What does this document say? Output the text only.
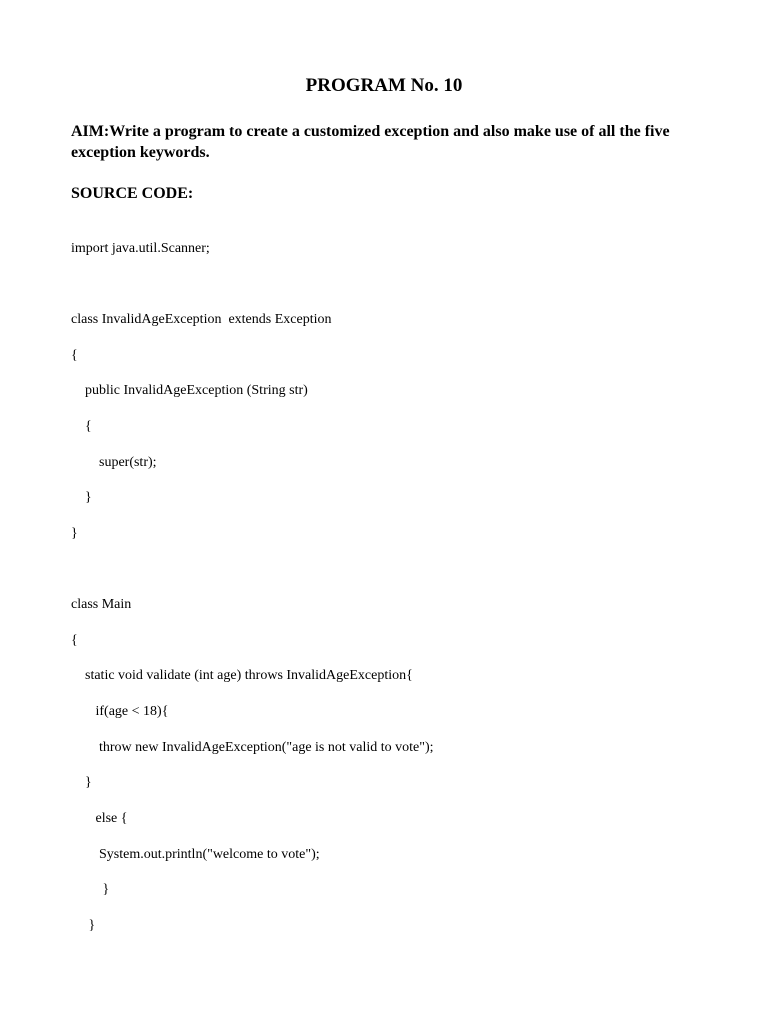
PROGRAM No. 10
AIM:Write a program to create a customized exception and also make use of all the five exception keywords.
SOURCE CODE:
import java.util.Scanner;
class InvalidAgeException  extends Exception
{
public InvalidAgeException (String str)
{
super(str);
}
}
class Main
{
static void validate (int age) throws InvalidAgeException{
if(age < 18){
throw new InvalidAgeException("age is not valid to vote");
}
else {
System.out.println("welcome to vote");
}
}
